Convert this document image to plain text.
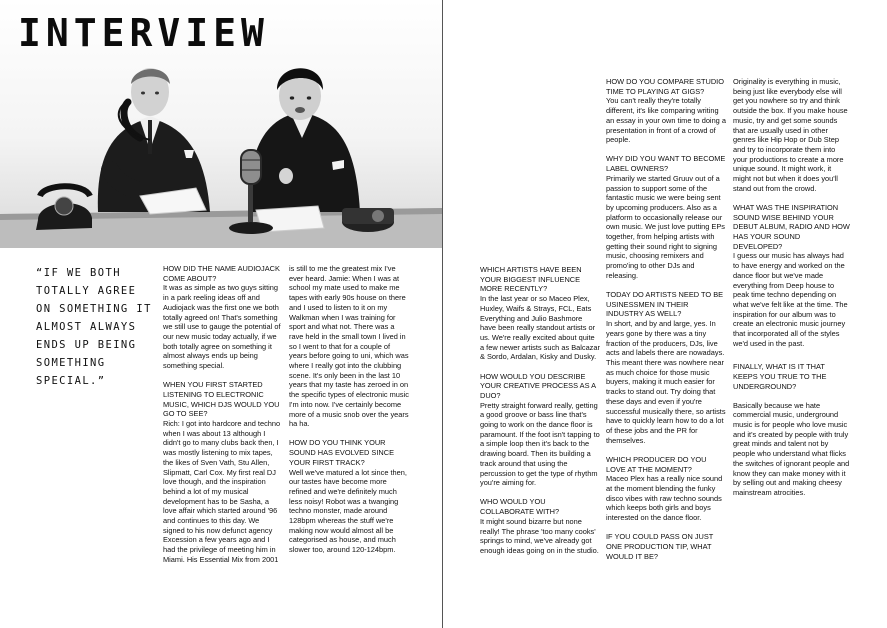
INTERVIEW

“IF WE BOTH TOTALLY AGREE ON SOMETHING IT ALMOST ALWAYS ENDS UP BEING SOMETHING SPECIAL.”

HOW DID THE NAME AUDIOJACK COME ABOUT?
It was as simple as two guys sitting in a park reeling ideas off and Audiojack was the first one we both totally agreed on! That's something we still use to gauge the potential of our new music today actually, if we both totally agree on something it almost always ends up being something special.
WHEN YOU FIRST STARTED LISTENING TO ELECTRONIC MUSIC, WHICH DJS WOULD YOU GO TO SEE?
Rich: I got into hardcore and techno when I was about 13 although I didn't go to many clubs back then, I was mostly listening to mix tapes, the likes of Sven Vath, Stu Allen, Slipmatt, Carl Cox. My first real DJ love though, and the inspiration behind a lot of my musical development has to be Sasha, a love affair which started around '96 and continues to this day. We signed to his now defunct agency Excession a few years ago and I had the privilege of meeting him in Miami. His Essential Mix from 2001
is still to me the greatest mix I've ever heard. Jamie: When I was at school my mate used to make me tapes with early 90s house on there and I used to listen to it on my Walkman when I was training for sport and what not. There was a rave held in the small town I lived in so I went to that for a couple of years before going to uni, which was where I really got into the clubbing scene. It's only been in the last 10 years that my taste has zeroed in on the specific types of electronic music I'm into now. I've certainly become more of a music snob over the years ha ha.
HOW DO YOU THINK YOUR SOUND HAS EVOLVED SINCE YOUR FIRST TRACK?
Well we've matured a lot since then, our tastes have become more refined and we're definitely much less noisy! Robot was a twanging techno monster, made around 128bpm whereas the stuff we're making now would almost all be categorised as house, and much slower too, around 120-124bpm.
WHICH ARTISTS HAVE BEEN YOUR BIGGEST INFLUENCE MORE RECENTLY?
In the last year or so Maceo Plex, Huxley, Waifs & Strays, FCL, Eats Everything and Julio Bashmore have been really standout artists or us. We're really excited about quite a few newer artists such as Balcazar & Sordo, Ardalan, Kisky and Dusky.
HOW WOULD YOU DESCRIBE YOUR CREATIVE PROCESS AS A DUO?
Pretty straight forward really, getting a good groove or bass line that's going to work on the dance floor is paramount. If the foot isn't tapping to a simple loop then it's back to the drawing board. Then its building a track around that using the percussion to get the type of rhythm you're aiming for.
WHO WOULD YOU COLLABORATE WITH?
It might sound bizarre but none really! The phrase 'too many cooks' springs to mind, we've already got enough ideas going on in the studio.
HOW DO YOU COMPARE STUDIO TIME TO PLAYING AT GIGS?
You can't really they're totally different, it's like comparing writing an essay in your own time to doing a presentation in front of a crowd of people.
WHY DID YOU WANT TO BECOME LABEL OWNERS?
Primarily we started Gruuv out of a passion to support some of the fantastic music we were being sent by upcoming producers. Also as a platform to occasionally release our own music. We just love putting EPs together, from helping artists with getting their sound right to signing music, choosing remixers and promo'ing to other DJs and releasing.
TODAY DO ARTISTS NEED TO BE USINESSMEN IN THEIR INDUSTRY AS WELL?
In short, and by and large, yes. In years gone by there was a tiny fraction of the producers, DJs, live acts and labels there are nowadays. This meant there was nowhere near as much choice for those music buyers, making it much easier for tracks to stand out. Try doing that these days and even if you're successful musically there, so artists have to quickly learn how to do a lot of these jobs and the PR for themselves.
WHICH PRODUCER DO YOU LOVE AT THE MOMENT?
Maceo Plex has a really nice sound at the moment blending the funky disco vibes with raw techno sounds which keeps both girls and boys interested on the dance floor.
IF YOU COULD PASS ON JUST ONE PRODUCTION TIP, WHAT WOULD IT BE?
Originality is everything in music, being just like everybody else will get you nowhere so try and think outside the box. If you make house music, try and get some sounds that are usually used in other genres like Hip Hop or Dub Step and try to incorporate them into your productions to create a more unique sound. It might work, it might not but when it does you'll stand out from the crowd.
WHAT WAS THE INSPIRATION SOUND WISE BEHIND YOUR DEBUT ALBUM, RADIO AND HOW HAS YOUR SOUND DEVELOPED?
I guess our music has always had to have energy and worked on the dance floor but we've made everything from Deep house to peak time techno depending on what we've felt like at the time. The inspiration for our album was to create an electronic music journey that incorporated all of the styles we'd used in the past.
FINALLY, WHAT IS IT THAT KEEPS YOU TRUE TO THE UNDERGROUND?
Basically because we hate commercial music, underground music is for people who love music and it's created by people with truly great minds and talent not by people who understand what flicks the switches of ignorant people and know they can make money with it by selling out and making cheesy mainstream atrocities.
